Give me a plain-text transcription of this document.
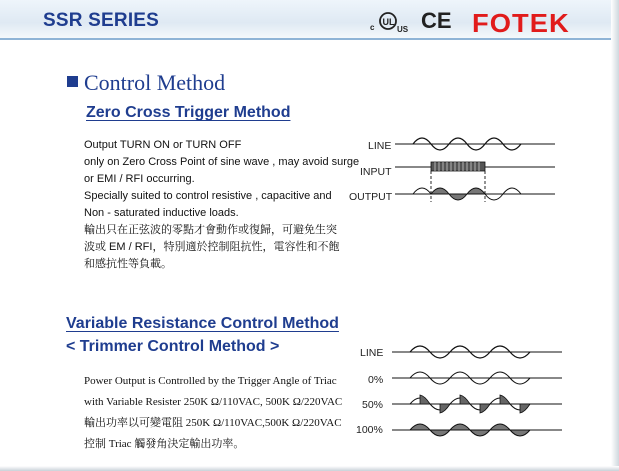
SSR SERIES	c
UL
US CE FOTEK
Control Method
Zero Cross Trigger Method
Output TURN ON or TURN OFF
only on Zero Cross Point of sine wave , may avoid surge
or EMI / RFI occurring.
Specially suited to control resistive , capacitive and
Non - saturated inductive loads.
輸出只在正弦波的零點才會動作或復歸，可避免生突
波或 EM / RFI，特別適於控制阻抗性，電容性和不飽
和感抗性等負載。
LINE
INPUT
OUTPUT
Variable Resistance Control Method
< Trimmer Control Method >
Power Output is Controlled by the Trigger Angle of Triac
with Variable Resister 250K Ω/110VAC, 500K Ω/220VAC
輸出功率以可變電阻 250K Ω/110VAC,500K Ω/220VAC
控制 Triac 觸發角決定輸出功率。
LINE
0%
50%
100%
